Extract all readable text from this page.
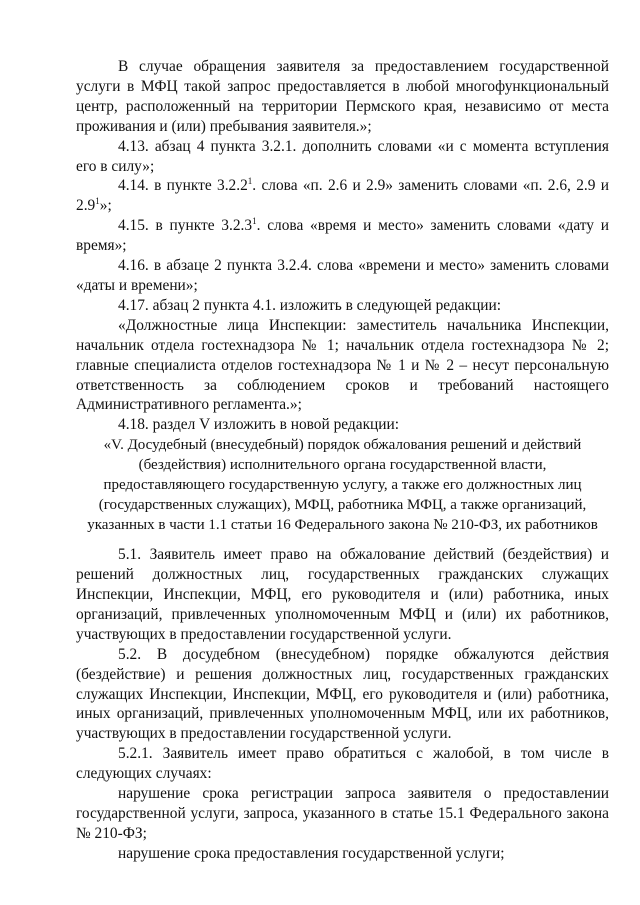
В случае обращения заявителя за предоставлением государственной услуги в МФЦ такой запрос предоставляется в любой многофункциональный центр, расположенный на территории Пермского края, независимо от места проживания и (или) пребывания заявителя.»;

4.13. абзац 4 пункта 3.2.1. дополнить словами «и с момента вступления его в силу»;

4.14. в пункте 3.2.2$^1$. слова «п. 2.6 и 2.9» заменить словами «п. 2.6, 2.9 и $2.9^1$»;

4.15. в пункте 3.2.3$^1$. слова «время и место» заменить словами «дату и время»;

4.16. в абзаце 2 пункта 3.2.4. слова «времени и место» заменить словами «даты и времени»;

4.17. абзац 2 пункта 4.1. изложить в следующей редакции:

«Должностные лица Инспекции: заместитель начальника Инспекции, начальник отдела гостехнадзора № 1; начальник отдела гостехнадзора № 2; главные специалиста отделов гостехнадзора № 1 и № 2 – несут персональную ответственность за соблюдением сроков и требований настоящего Административного регламента.»;

4.18. раздел V изложить в новой редакции:

«V. Досудебный (внесудебный) порядок обжалования решений и действий

(бездействия) исполнительного органа государственной власти,

предоставляющего государственную услугу, а также его должностных лиц

(государственных служащих), МФЦ, работника МФЦ, а также организаций,

указанных в части 1.1 статьи 16 Федерального закона № 210-ФЗ, их работников

5.1. Заявитель имеет право на обжалование действий (бездействия) и решений должностных лиц, государственных гражданских служащих Инспекции, Инспекции, МФЦ, его руководителя и (или) работника, иных организаций, привлеченных уполномоченным МФЦ и (или) их работников, участвующих в предоставлении государственной услуги.

5.2. В досудебном (внесудебном) порядке обжалуются действия (бездействие) и решения должностных лиц, государственных гражданских служащих Инспекции, Инспекции, МФЦ, его руководителя и (или) работника, иных организаций, привлеченных уполномоченным МФЦ, или их работников, участвующих в предоставлении государственной услуги.

5.2.1. Заявитель имеет право обратиться с жалобой, в том числе в следующих случаях:

нарушение срока регистрации запроса заявителя о предоставлении государственной услуги, запроса, указанного в статье 15.1 Федерального закона № 210-ФЗ;

нарушение срока предоставления государственной услуги;
